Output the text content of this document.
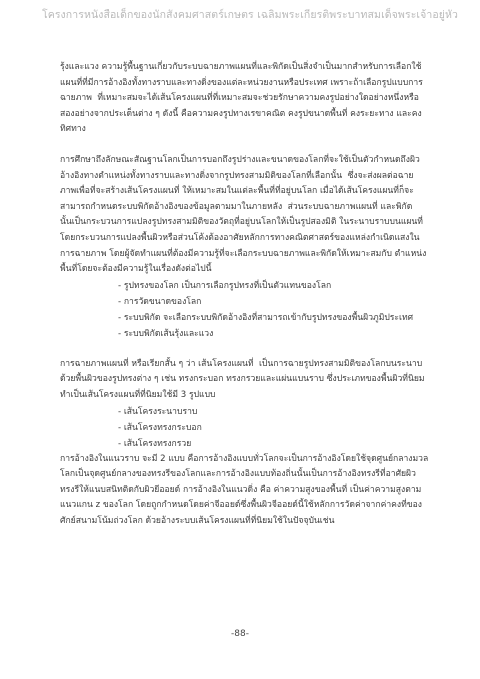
โครงการหนังสือเด็กของนักสังคมศาสตร์เกษตร เฉลิมพระเกียรติพระบาทสมเด็จพระเจ้าอยู่หัว

รุ้งและแวง ความรู้พื้นฐานเกี่ยวกับระบบฉายภาพแผนที่และพิกัดเป็นสิ่งจำเป็นมากสำหรับการเลือกใช้
แผนที่ที่มีการอ้างอิงทั้งทางราบและทางดิ่งของแต่ละหน่วยงานหรือประเทศ เพราะถ้าเลือกรูปแบบการ
ฉายภาพ  ที่เหมาะสมจะได้เส้นโครงแผนที่ที่เหมาะสมจะช่วยรักษาความคงรูปอย่างใดอย่างหนึ่งหรือ
สองอย่างจากประเด็นต่าง ๆ ดังนี้ คือความคงรูปทางเรขาคณิต คงรูปขนาดพื้นที่ คงระยะทาง และคง
ทิศทาง

การศึกษาถึงลักษณะสัณฐานโลกเป็นการบอกถึงรูปร่างและขนาดของโลกที่จะใช้เป็นตัวกำหนดถึงผิว
อ้างอิงทางตำแหน่งทั้งทางราบและทางดิ่งจากรูปทรงสามมิติของโลกที่เลือกนั้น  ซึ่งจะส่งผลต่อฉาย
ภาพเพื่อที่จะสร้างเส้นโครงแผนที่ ให้เหมาะสมในแต่ละพื้นที่ที่อยู่บนโลก เมื่อได้เส้นโครงแผนที่ก็จะ
สามารถกำหนดระบบพิกัดอ้างอิงของข้อมูลตามมาในภายหลัง  ส่วนระบบฉายภาพแผนที่ และพิกัด
นั้นเป็นกระบวนการแปลงรูปทรงสามมิติของวัตถุที่อยู่บนโลกให้เป็นรูปสองมิติ ในระนาบราบบนแผนที่
โดยกระบวนการแปลงพื้นผิวหรือส่วนโค้งต้องอาศัยหลักการทางคณิตศาสตร์ของแหล่งกำเนิดแสงใน
การฉายภาพ โดยผู้จัดทำแผนที่ต้องมีความรู้ที่จะเลือกระบบฉายภาพและพิกัดให้เหมาะสมกับ ตำแหน่ง
พื้นที่โดยจะต้องมีความรู้ในเรื่องดังต่อไปนี้

- รูปทรงของโลก เป็นการเลือกรูปทรงที่เป็นตัวแทนของโลก
- การวัดขนาดของโลก
- ระบบพิกัด จะเลือกระบบพิกัดอ้างอิงที่สามารถเข้ากับรูปทรงของพื้นผิวภูมิประเทศ
- ระบบพิกัดเส้นรุ้งและแวง

การฉายภาพแผนที่ หรือเรียกสั้น ๆ ว่า เส้นโครงแผนที่  เป็นการฉายรูปทรงสามมิติของโลกบนระนาบ
ด้วยพื้นผิวของรูปทรงต่าง ๆ เช่น ทรงกระบอก ทรงกรวยและแผ่นแบนราบ ซึ่งประเภทของพื้นผิวที่นิยม
ทำเป็นเส้นโครงแผนที่ที่นิยมใช้มี 3 รูปแบบ

- เส้นโครงระนาบราบ
- เส้นโครงทรงกระบอก
- เส้นโครงทรงกรวย

การอ้างอิงในแนวราบ จะมี 2 แบบ คือการอ้างอิงแบบทั่วโลกจะเป็นการอ้างอิงโดยใช้จุดศูนย์กลางมวล
โลกเป็นจุดศูนย์กลางของทรงรีของโลกและการอ้างอิงแบบท้องถิ่นนั้นเป็นการอ้างอิงทรงรีที่อาศัยผิว
ทรงรีให้แนบสนิทติดกับผิวยีออยด์ การอ้างอิงในแนวดิ่ง คือ ค่าความสูงของพื้นที่ เป็นค่าความสูงตาม
แนวแกน z ของโลก โดยถูกกำหนดโดยค่าจีออยด์ซึ่งพื้นผิวจีออยด์นี้ใช้หลักการวัดค่าจากค่าคงที่ของ
ศักย์สนามโน้มถ่วงโลก ด้วยอ้างระบบเส้นโครงแผนที่ที่นิยมใช้ในปัจจุบันเช่น

-88-
